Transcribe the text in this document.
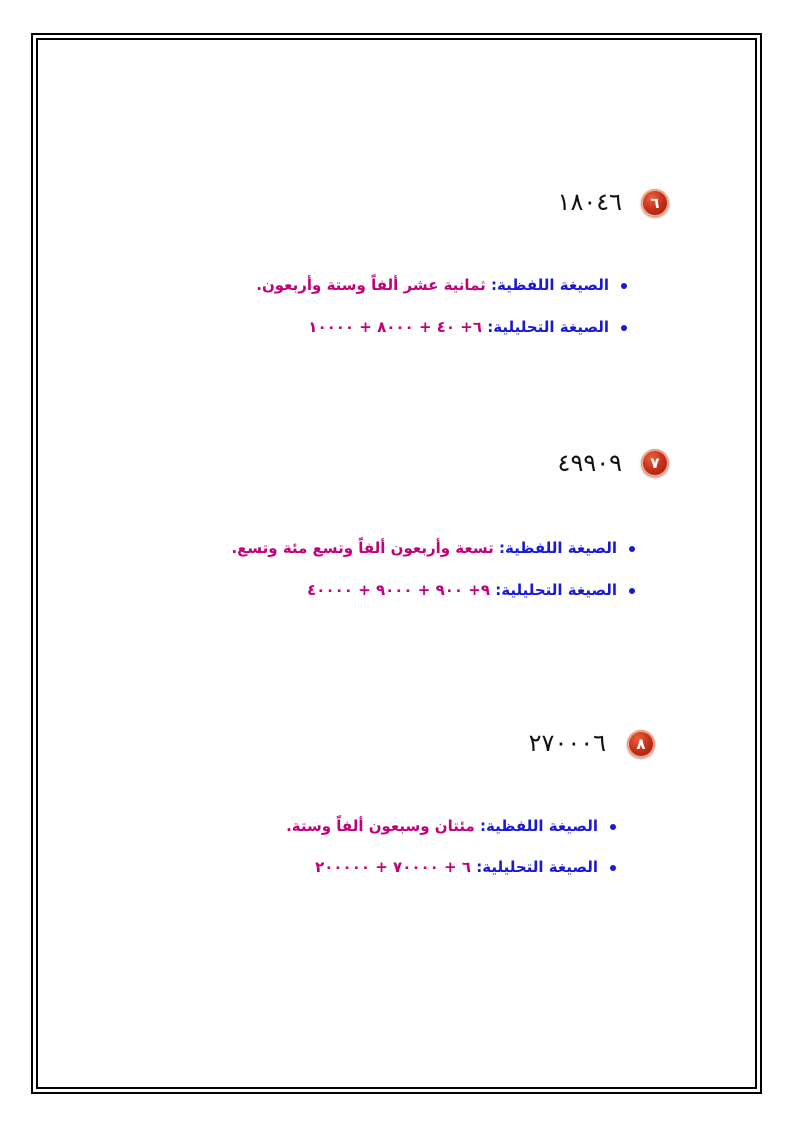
٦
١٨٠٤٦
الصيغة اللفظية: ثمانية عشر ألفاً وستة وأربعون.
الصيغة التحليلية: ٦+ ٤٠ + ٨٠٠٠ + ١٠٠٠٠
٧
٤٩٩٠٩
الصيغة اللفظية: تسعة وأربعون ألفاً وتسع مئة وتسع.
الصيغة التحليلية: ٩+ ٩٠٠ + ٩٠٠٠ + ٤٠٠٠٠
٨
٢٧٠٠٠٦
الصيغة اللفظية: مئتان وسبعون ألفاً وستة.
الصيغة التحليلية: ٦ + ٧٠٠٠٠ + ٢٠٠٠٠٠
